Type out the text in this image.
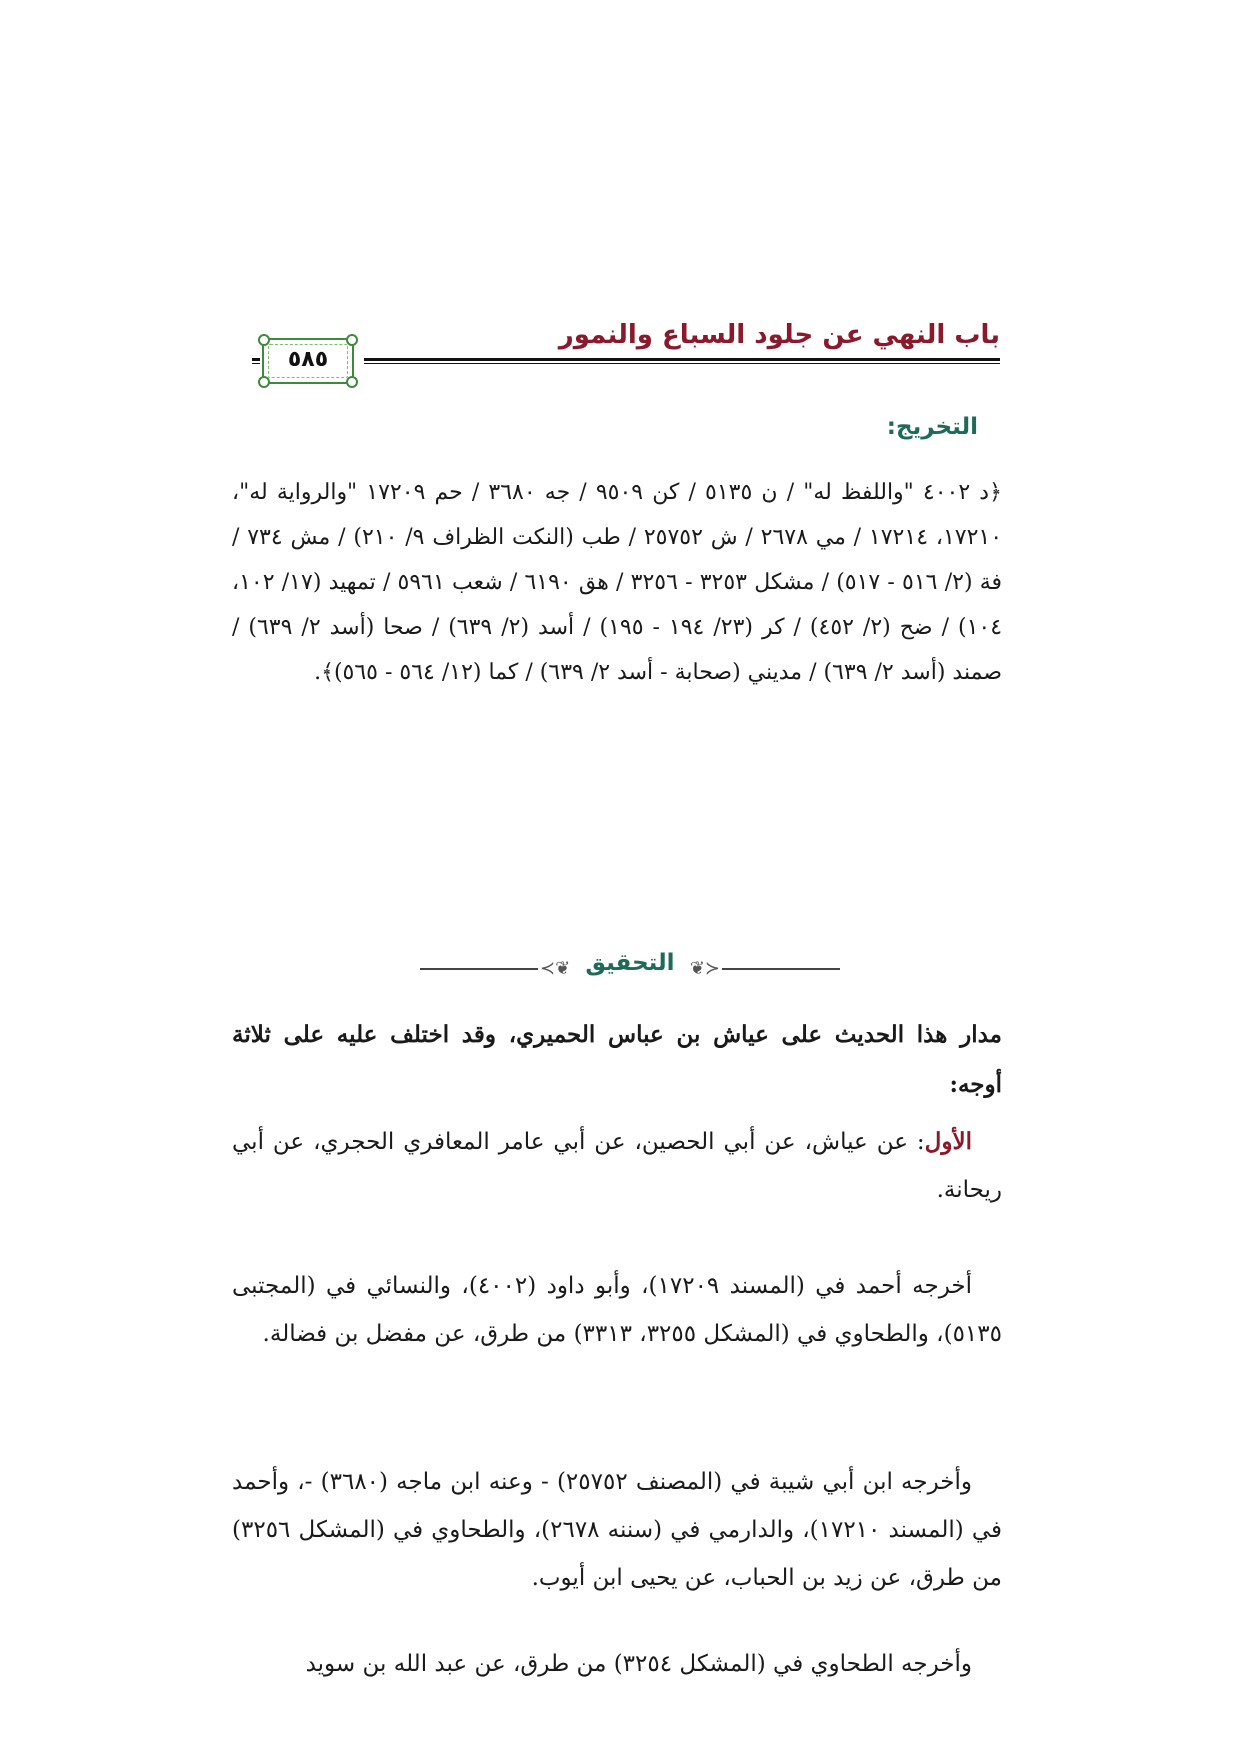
باب النهي عن جلود السباع والنمور
٥٨٥
التخريج:
﴿د ٤٠٠٢ "واللفظ له" / ن ٥١٣٥ / كن ٩٥٠٩ / جه ٣٦٨٠ / حم ١٧٢٠٩ "والرواية له"، ١٧٢١٠، ١٧٢١٤ / مي ٢٦٧٨ / ش ٢٥٧٥٢ / طب (النكت الظراف ٩/ ٢١٠) / مش ٧٣٤ / فة (٢/ ٥١٦ - ٥١٧) / مشكل ٣٢٥٣ - ٣٢٥٦ / هق ٦١٩٠ / شعب ٥٩٦١ / تمهيد (١٧/ ١٠٢، ١٠٤) / ضح (٢/ ٤٥٢) / كر (٢٣/ ١٩٤ - ١٩٥) / أسد (٢/ ٦٣٩) / صحا (أسد ٢/ ٦٣٩) / صمند (أسد ٢/ ٦٣٩) / مديني (صحابة - أسد ٢/ ٦٣٩) / كما (١٢/ ٥٦٤ - ٥٦٥)﴾.
≺❦	❦≻
التحقيق
مدار هذا الحديث على عياش بن عباس الحميري، وقد اختلف عليه على ثلاثة أوجه:
الأول: عن عياش، عن أبي الحصين، عن أبي عامر المعافري الحجري، عن أبي ريحانة.
أخرجه أحمد في (المسند ١٧٢٠٩)، وأبو داود (٤٠٠٢)، والنسائي في (المجتبى ٥١٣٥)، والطحاوي في (المشكل ٣٢٥٥، ٣٣١٣) من طرق، عن مفضل بن فضالة.
وأخرجه ابن أبي شيبة في (المصنف ٢٥٧٥٢) - وعنه ابن ماجه (٣٦٨٠) -، وأحمد في (المسند ١٧٢١٠)، والدارمي في (سننه ٢٦٧٨)، والطحاوي في (المشكل ٣٢٥٦) من طرق، عن زيد بن الحباب، عن يحيى ابن أيوب.
وأخرجه الطحاوي في (المشكل ٣٢٥٤) من طرق، عن عبد الله بن سويد
